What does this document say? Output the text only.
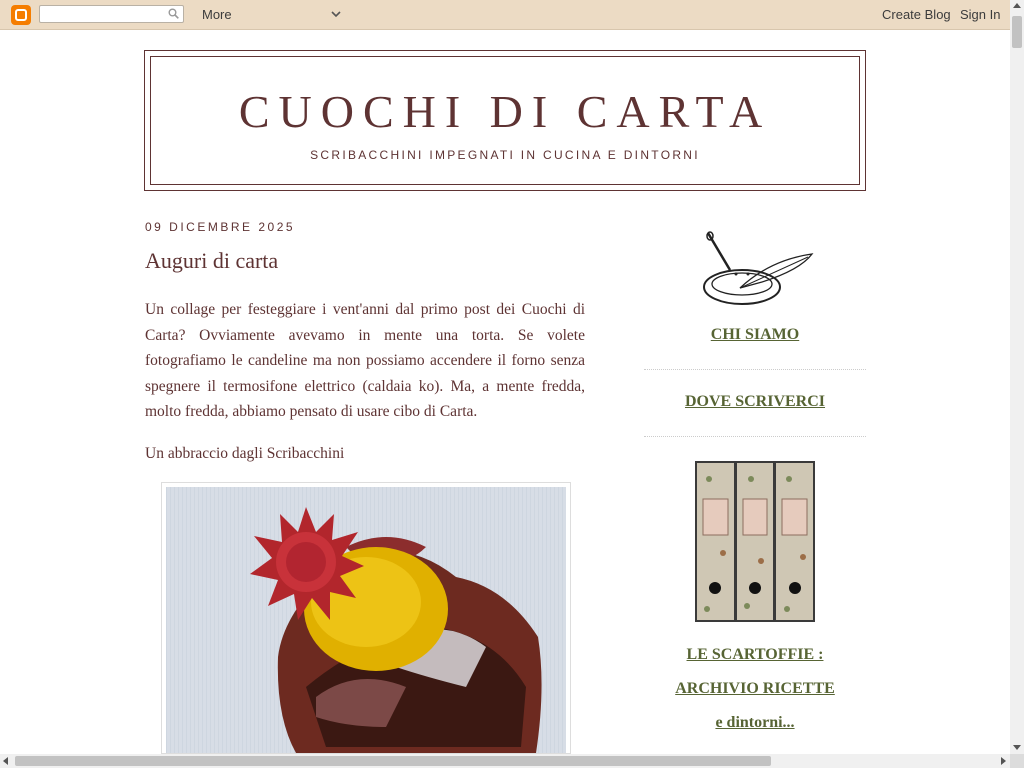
More	Create Blog Sign In
CUOCHI DI CARTA
SCRIBACCHINI IMPEGNATI IN CUCINA E DINTORNI
09 DICEMBRE 2025
Auguri di carta
Un collage per festeggiare i vent'anni dal primo post dei Cuochi di Carta? Ovviamente avevamo in mente una torta. Se volete fotografiamo le candeline ma non possiamo accendere il forno senza spegnere il termosifone elettrico (caldaia ko). Ma, a mente fredda, molto fredda, abbiamo pensato di usare cibo di Carta.
Un abbraccio dagli Scribacchini
CHI SIAMO
DOVE SCRIVERCI
LE SCARTOFFIE :
ARCHIVIO RICETTE
e dintorni...
